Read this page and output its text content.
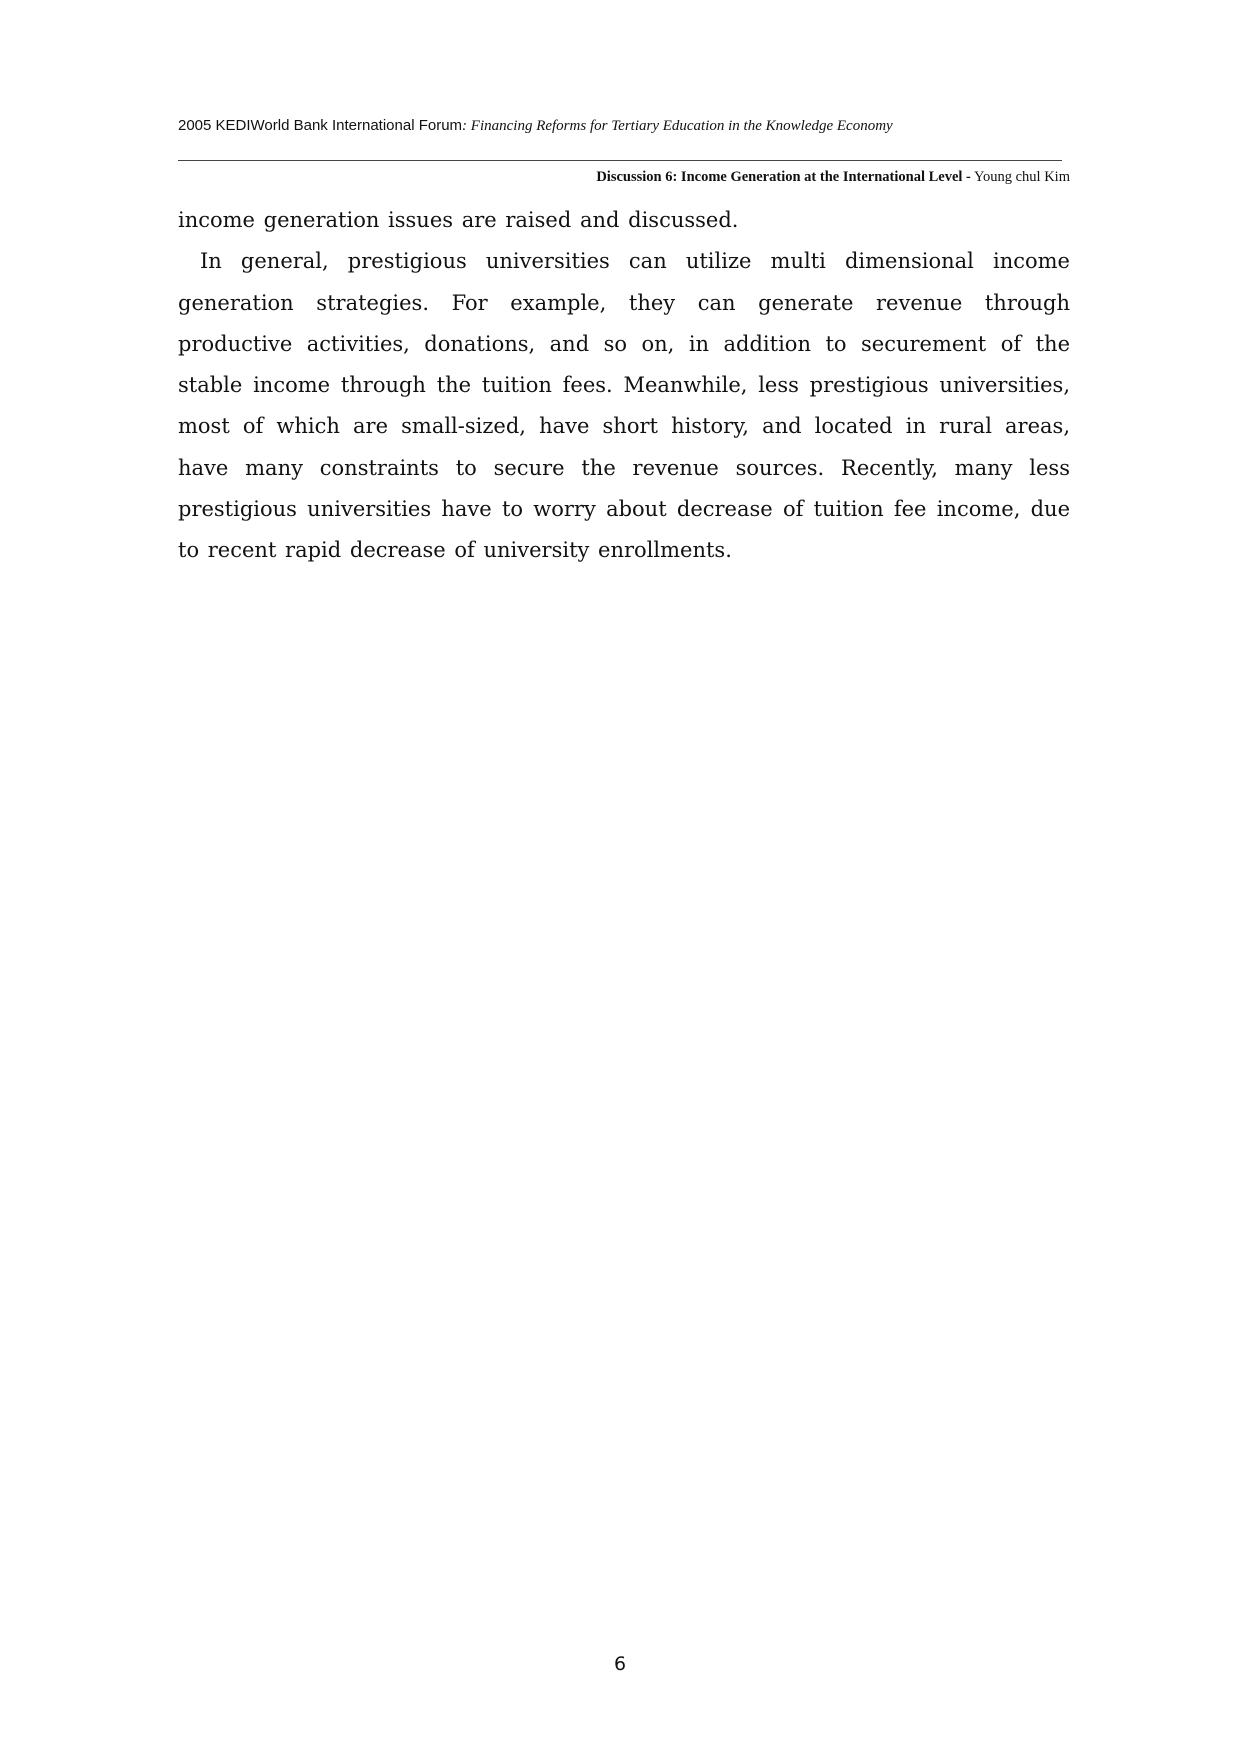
2005 KEDIWorld Bank International Forum: Financing Reforms for Tertiary Education in the Knowledge Economy
Discussion 6: Income Generation at the International Level - Young chul Kim

income generation issues are raised and discussed.

In general, prestigious universities can utilize multi dimensional income generation strategies. For example, they can generate revenue through productive activities, donations, and so on, in addition to securement of the stable income through the tuition fees. Meanwhile, less prestigious universities, most of which are small-sized, have short history, and located in rural areas, have many constraints to secure the revenue sources. Recently, many less prestigious universities have to worry about decrease of tuition fee income, due to recent rapid decrease of university enrollments.

6
